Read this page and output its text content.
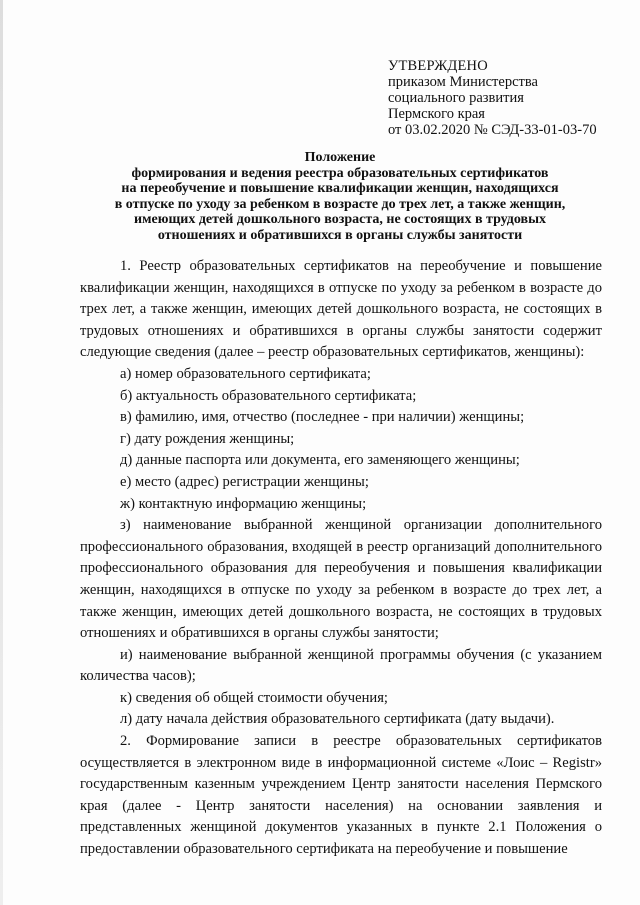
УТВЕРЖДЕНО
приказом Министерства
социального развития
Пермского края
от 03.02.2020 № СЭД-33-01-03-70
Положение
формирования и ведения реестра образовательных сертификатов
на переобучение и повышение квалификации женщин, находящихся
в отпуске по уходу за ребенком в возрасте до трех лет, а также женщин,
имеющих детей дошкольного возраста, не состоящих в трудовых
отношениях и обратившихся в органы службы занятости

1. Реестр образовательных сертификатов на переобучение и повышение квалификации женщин, находящихся в отпуске по уходу за ребенком в возрасте до трех лет, а также женщин, имеющих детей дошкольного возраста, не состоящих в трудовых отношениях и обратившихся в органы службы занятости содержит следующие сведения (далее – реестр образовательных сертификатов, женщины):

а) номер образовательного сертификата;

б) актуальность образовательного сертификата;

в) фамилию, имя, отчество (последнее - при наличии) женщины;

г) дату рождения женщины;

д) данные паспорта или документа, его заменяющего женщины;

е) место (адрес) регистрации женщины;

ж) контактную информацию женщины;

з) наименование выбранной женщиной организации дополнительного профессионального образования, входящей в реестр организаций дополнительного профессионального образования для переобучения и повышения квалификации женщин, находящихся в отпуске по уходу за ребенком в возрасте до трех лет, а также женщин, имеющих детей дошкольного возраста, не состоящих в трудовых отношениях и обратившихся в органы службы занятости;

и) наименование выбранной женщиной программы обучения (с указанием количества часов);

к) сведения об общей стоимости обучения;

л) дату начала действия образовательного сертификата (дату выдачи).

2. Формирование записи в реестре образовательных сертификатов осуществляется в электронном виде в информационной системе «Лоис – Registr» государственным казенным учреждением Центр занятости населения Пермского края (далее - Центр занятости населения) на основании заявления и представленных женщиной документов указанных в пункте 2.1 Положения о предоставлении образовательного сертификата на переобучение и повышение
